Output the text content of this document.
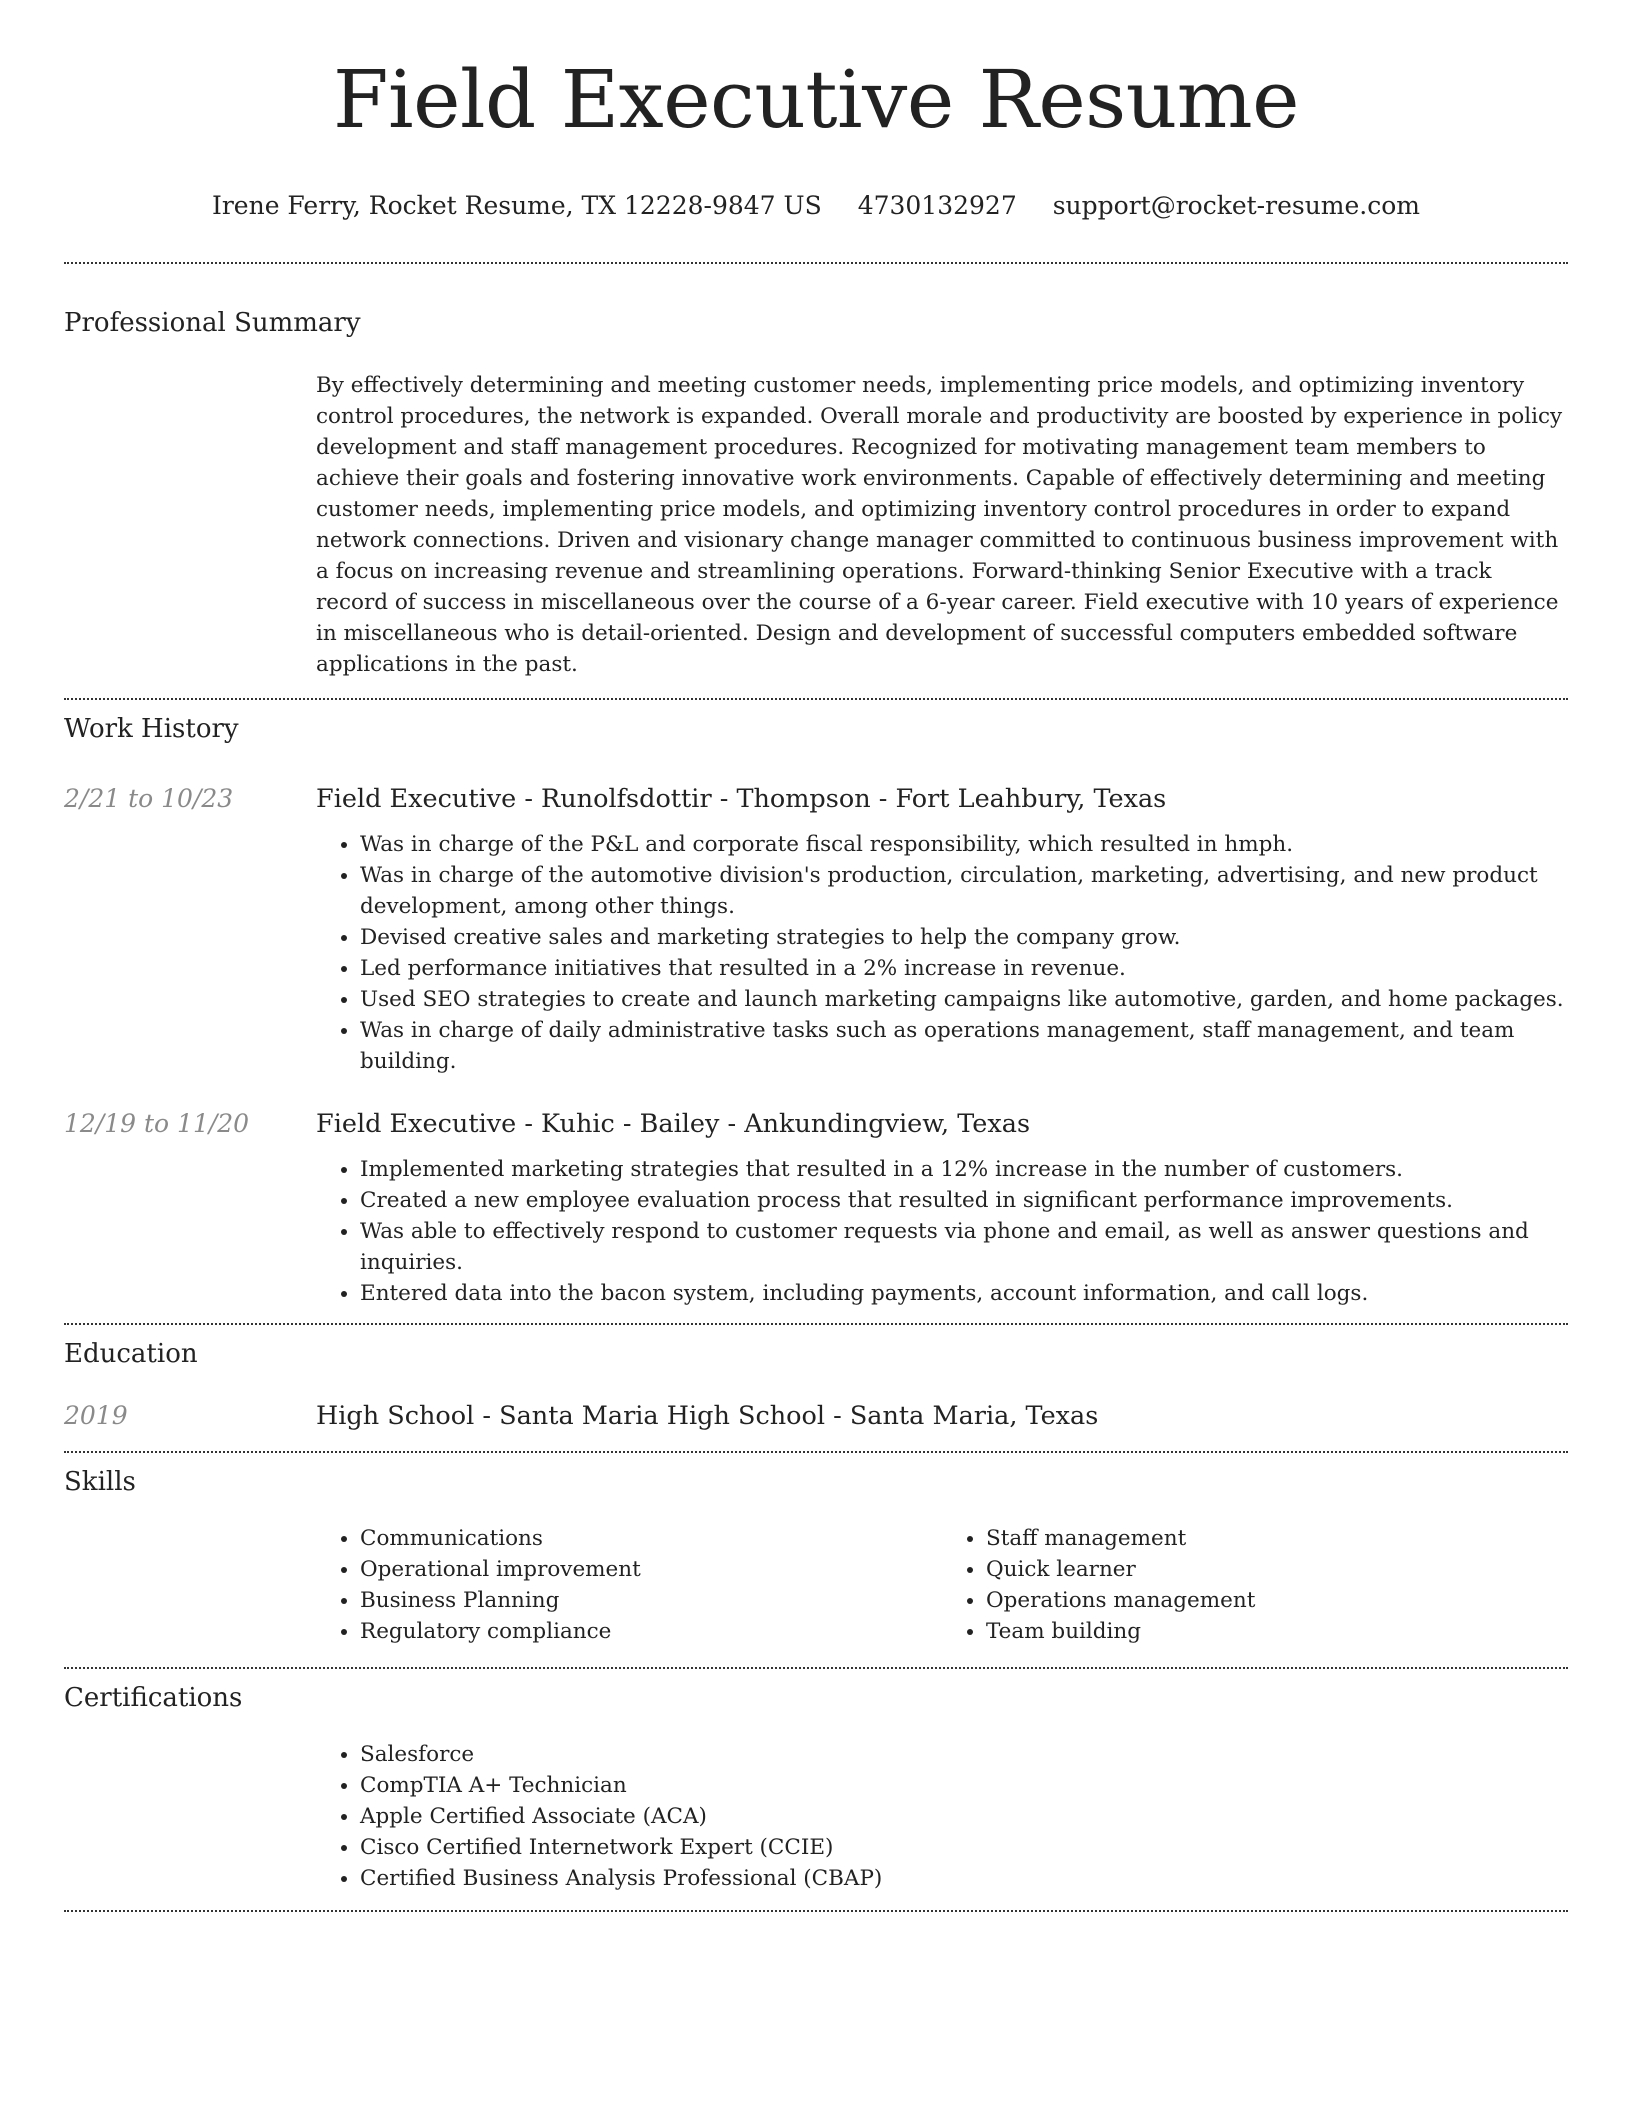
Field Executive Resume
Irene Ferry, Rocket Resume, TX 12228-9847 US 4730132927 support@rocket-resume.com
Professional Summary
By effectively determining and meeting customer needs, implementing price models, and optimizing inventory control procedures, the network is expanded. Overall morale and productivity are boosted by experience in policy development and staff management procedures. Recognized for motivating management team members to achieve their goals and fostering innovative work environments. Capable of effectively determining and meeting customer needs, implementing price models, and optimizing inventory control procedures in order to expand network connections. Driven and visionary change manager committed to continuous business improvement with a focus on increasing revenue and streamlining operations. Forward-thinking Senior Executive with a track record of success in miscellaneous over the course of a 6-year career. Field executive with 10 years of experience in miscellaneous who is detail-oriented. Design and development of successful computers embedded software applications in the past.
Work History
2/21 to 10/23	Field Executive - Runolfsdottir - Thompson - Fort Leahbury, Texas
• Was in charge of the P&L and corporate fiscal responsibility, which resulted in hmph.
• Was in charge of the automotive division's production, circulation, marketing, advertising, and new product development, among other things.
• Devised creative sales and marketing strategies to help the company grow.
• Led performance initiatives that resulted in a 2% increase in revenue.
• Used SEO strategies to create and launch marketing campaigns like automotive, garden, and home packages.
• Was in charge of daily administrative tasks such as operations management, staff management, and team building.
12/19 to 11/20	Field Executive - Kuhic - Bailey - Ankundingview, Texas
• Implemented marketing strategies that resulted in a 12% increase in the number of customers.
• Created a new employee evaluation process that resulted in significant performance improvements.
• Was able to effectively respond to customer requests via phone and email, as well as answer questions and inquiries.
• Entered data into the bacon system, including payments, account information, and call logs.
Education
2019	High School - Santa Maria High School - Santa Maria, Texas
Skills
• Communications
• Operational improvement
• Business Planning
• Regulatory compliance
• Staff management
• Quick learner
• Operations management
• Team building
Certifications
• Salesforce
• CompTIA A+ Technician
• Apple Certified Associate (ACA)
• Cisco Certified Internetwork Expert (CCIE)
• Certified Business Analysis Professional (CBAP)
